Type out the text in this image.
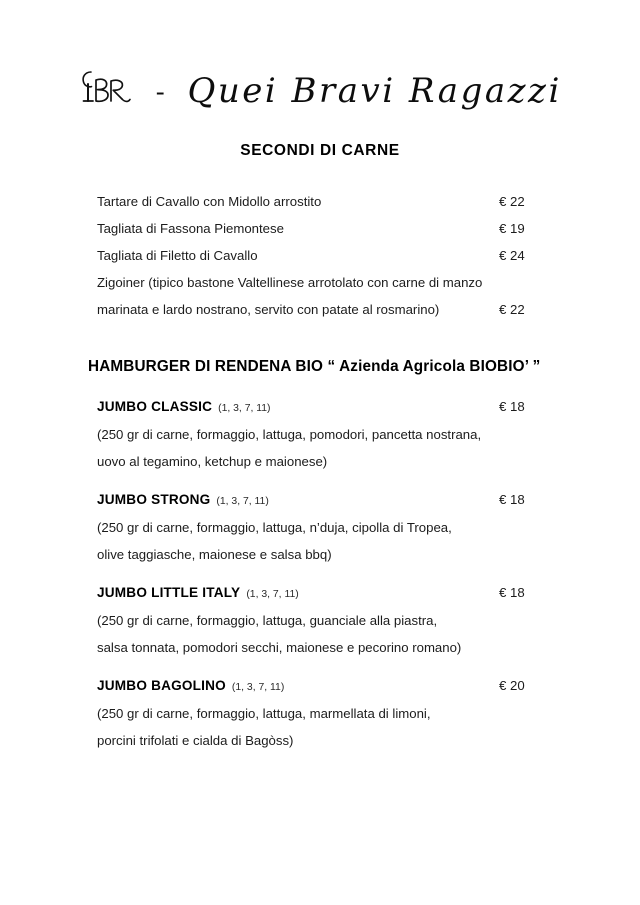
- Quei Bravi Ragazzi
SECONDI DI CARNE
Tartare di Cavallo con Midollo arrostito	€ 22
Tagliata di Fassona Piemontese	€ 19
Tagliata di Filetto di Cavallo	€ 24
Zigoiner (tipico bastone Valtellinese arrotolato con carne di manzo
marinata e lardo nostrano, servito con patate al rosmarino)	€ 22
HAMBURGER DI RENDENA BIO “ Azienda Agricola BIOBIO’ ”
JUMBO CLASSIC (1, 3, 7, 11)	€ 18
(250 gr di carne, formaggio, lattuga, pomodori, pancetta nostrana,
uovo al tegamino, ketchup e maionese)
JUMBO STRONG (1, 3, 7, 11)	€ 18
(250 gr di carne, formaggio, lattuga, n’duja, cipolla di Tropea,
olive taggiasche, maionese e salsa bbq)
JUMBO LITTLE ITALY (1, 3, 7, 11)	€ 18
(250 gr di carne, formaggio, lattuga, guanciale alla piastra,
salsa tonnata, pomodori secchi, maionese e pecorino romano)
JUMBO BAGOLINO (1, 3, 7, 11)	€ 20
(250 gr di carne, formaggio, lattuga, marmellata di limoni,
porcini trifolati e cialda di Bagòss)
